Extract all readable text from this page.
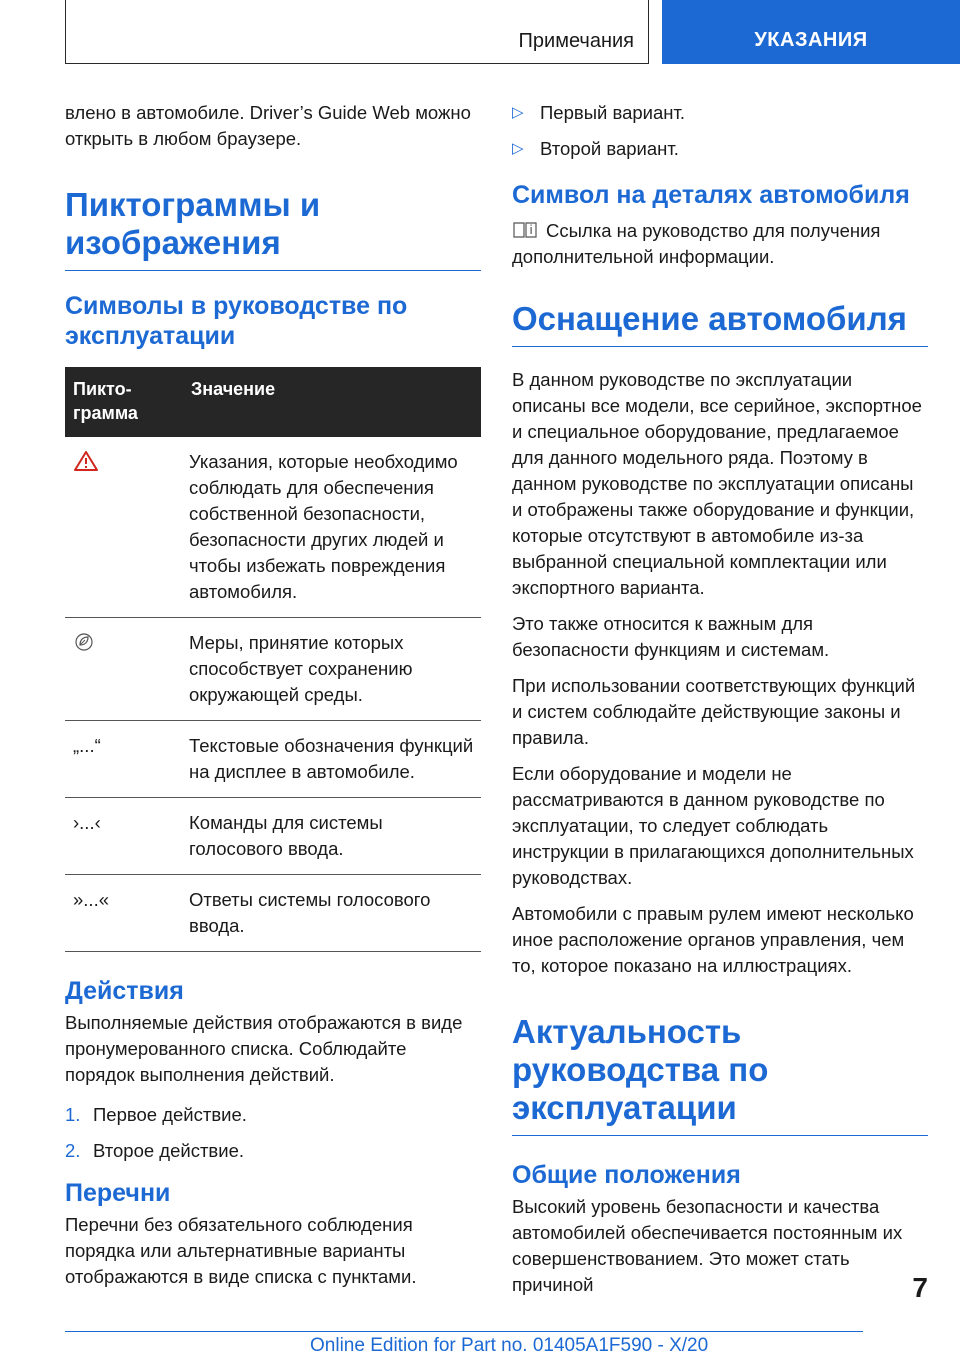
Примечания	УКАЗАНИЯ

влено в автомобиле. Driver’s Guide Web можно открыть в любом браузере.

Пиктограммы и изображения
Символы в руководстве по эксплуатации
Пикто-грамма	Значение
	Указания, которые необходимо соблюдать для обеспечения собственной безопасности, безопасности других людей и чтобы избежать повреждения автомобиля.
	Меры, принятие которых способствует сохранению окружающей среды.
„...“	Текстовые обозначения функций на дисплее в автомобиле.
›...‹	Команды для системы голосового ввода.
»...«	Ответы системы голосового ввода.
Действия

Выполняемые действия отображаются в виде пронумерованного списка. Соблюдайте порядок выполнения действий.

1. Первое действие.
2. Второе действие.
Перечни

Перечни без обязательного соблюдения порядка или альтернативные варианты отображаются в виде списка с пунктами.

▷ Первый вариант.
▷ Второй вариант.
Символ на деталях автомобиля

Ссылка на руководство для получения дополнительной информации.

Оснащение автомобиля

В данном руководстве по эксплуатации описаны все модели, все серийное, экспортное и специальное оборудование, предлагаемое для данного модельного ряда. Поэтому в данном руководстве по эксплуатации описаны и отображены также оборудование и функции, которые отсутствуют в автомобиле из-за выбранной специальной комплектации или экспортного варианта.

Это также относится к важным для безопасности функциям и системам.

При использовании соответствующих функций и систем соблюдайте действующие законы и правила.

Если оборудование и модели не рассматриваются в данном руководстве по эксплуатации, то следует соблюдать инструкции в прилагающихся дополнительных руководствах.

Автомобили с правым рулем имеют несколько иное расположение органов управления, чем то, которое показано на иллюстрациях.

Актуальность руководства по эксплуатации
Общие положения

Высокий уровень безопасности и качества автомобилей обеспечивается постоянным их совершенствованием. Это может стать причиной	7
Online Edition for Part no. 01405A1F590 - X/20
